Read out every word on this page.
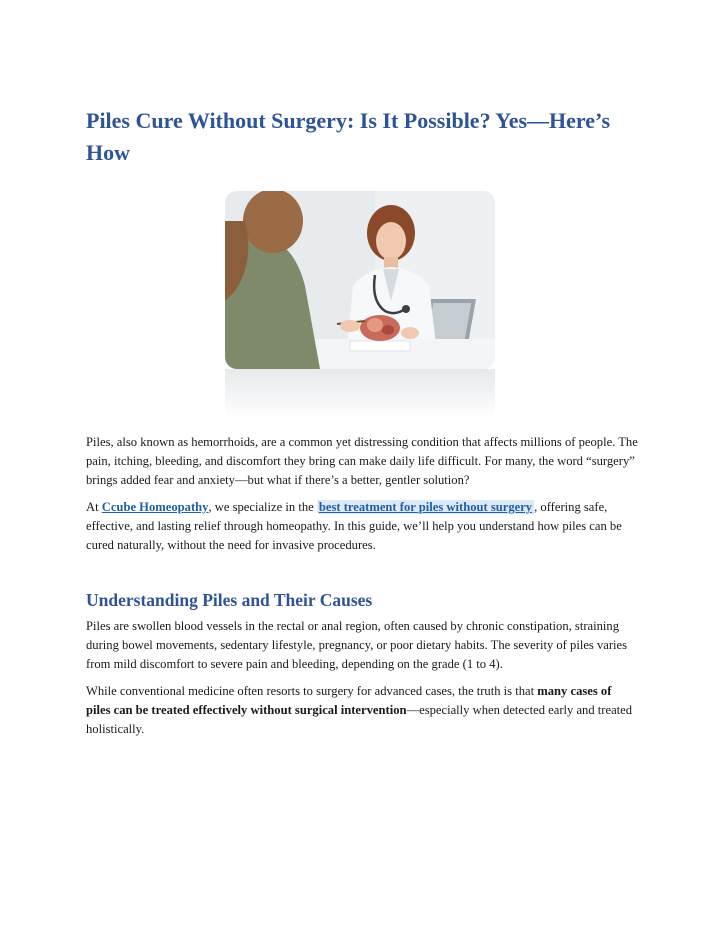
Piles Cure Without Surgery: Is It Possible? Yes—Here’s How

Piles, also known as hemorrhoids, are a common yet distressing condition that affects millions of people. The pain, itching, bleeding, and discomfort they bring can make daily life difficult. For many, the word “surgery” brings added fear and anxiety—but what if there’s a better, gentler solution?

At Ccube Homeopathy, we specialize in the best treatment for piles without surgery , offering safe, effective, and lasting relief through homeopathy. In this guide, we’ll help you understand how piles can be cured naturally, without the need for invasive procedures.

Understanding Piles and Their Causes

Piles are swollen blood vessels in the rectal or anal region, often caused by chronic constipation, straining during bowel movements, sedentary lifestyle, pregnancy, or poor dietary habits. The severity of piles varies from mild discomfort to severe pain and bleeding, depending on the grade (1 to 4).

While conventional medicine often resorts to surgery for advanced cases, the truth is that many cases of piles can be treated effectively without surgical intervention—especially when detected early and treated holistically.
